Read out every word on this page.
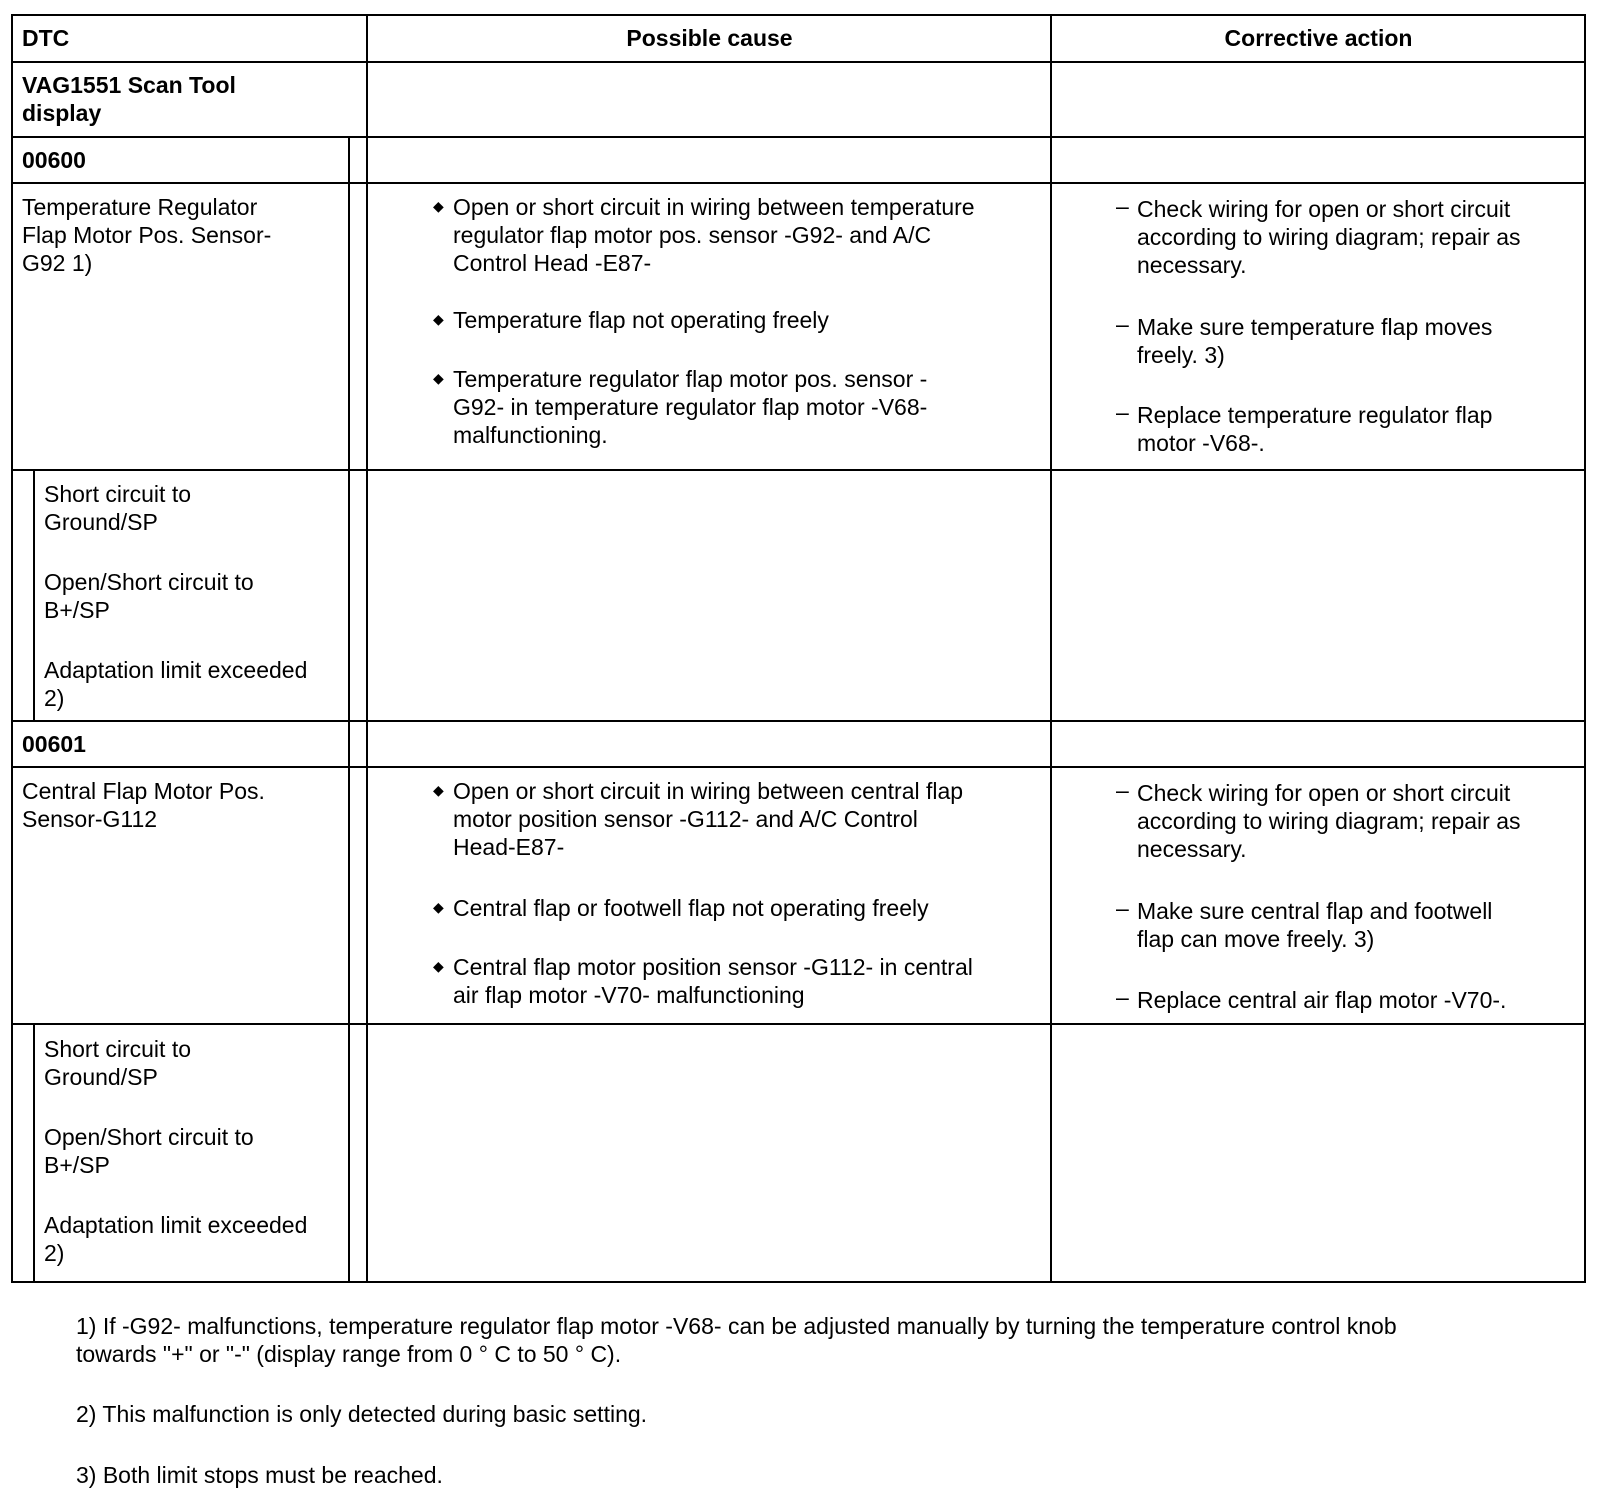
DTC	Possible cause	Corrective action
VAG1551 Scan Tool
display
00600
Temperature Regulator
Flap Motor Pos. Sensor-
G92 1)
◆ Open or short circuit in wiring between temperature
regulator flap motor pos. sensor -G92- and A/C
Control Head -E87-
◆ Temperature flap not operating freely
◆ Temperature regulator flap motor pos. sensor -
G92- in temperature regulator flap motor -V68-
malfunctioning.
– Check wiring for open or short circuit
according to wiring diagram; repair as
necessary.
– Make sure temperature flap moves
freely. 3)
– Replace temperature regulator flap
motor -V68-.
Short circuit to
Ground/SP
Open/Short circuit to
B+/SP
Adaptation limit exceeded
2)
00601
Central Flap Motor Pos.
Sensor-G112
◆ Open or short circuit in wiring between central flap
motor position sensor -G112- and A/C Control
Head-E87-
◆ Central flap or footwell flap not operating freely
◆ Central flap motor position sensor -G112- in central
air flap motor -V70- malfunctioning
– Check wiring for open or short circuit
according to wiring diagram; repair as
necessary.
– Make sure central flap and footwell
flap can move freely. 3)
– Replace central air flap motor -V70-.
Short circuit to
Ground/SP
Open/Short circuit to
B+/SP
Adaptation limit exceeded
2)
1) If -G92- malfunctions, temperature regulator flap motor -V68- can be adjusted manually by turning the temperature control knob
towards "+" or "-" (display range from 0 ° C to 50 ° C).
2) This malfunction is only detected during basic setting.
3) Both limit stops must be reached.
